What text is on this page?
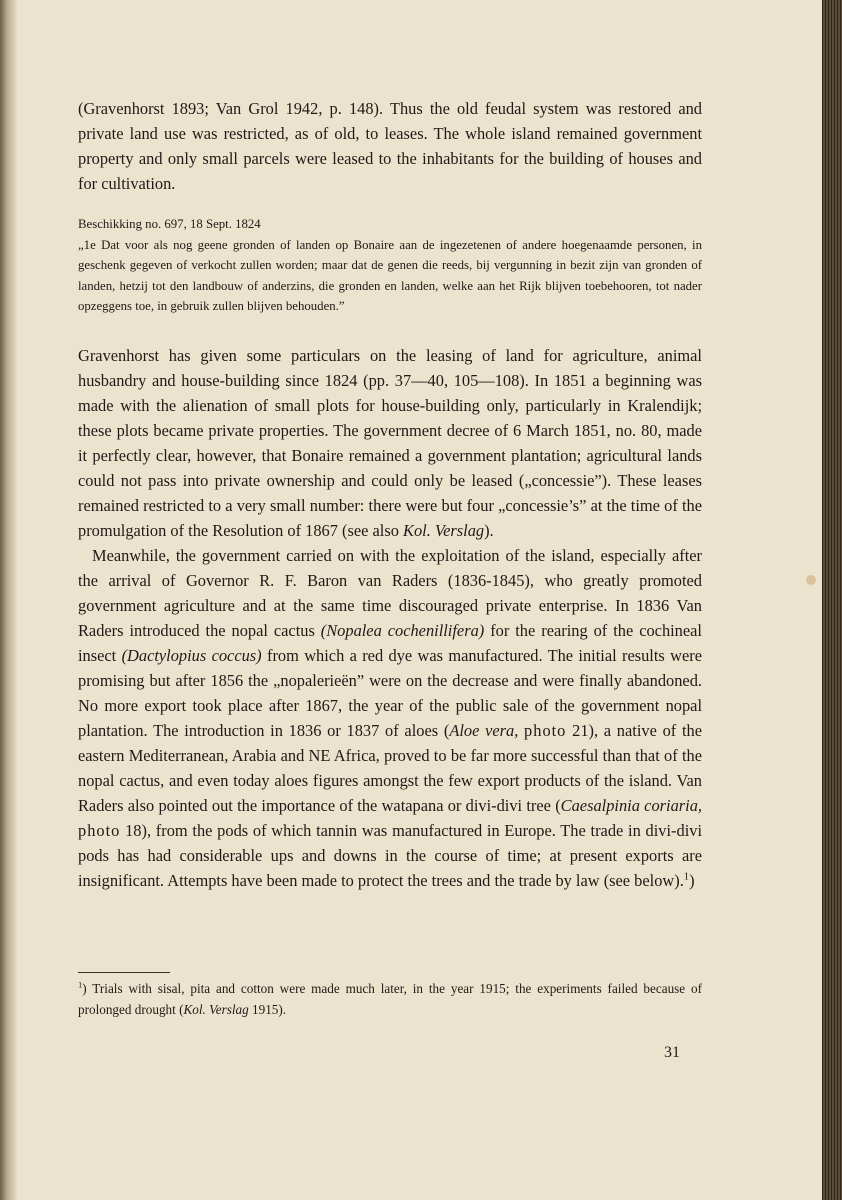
(Gravenhorst 1893; Van Grol 1942, p. 148). Thus the old feudal system was restored and private land use was restricted, as of old, to leases. The whole island remained government property and only small parcels were leased to the inhabitants for the building of houses and for cultivation.

Beschikking no. 697, 18 Sept. 1824

„1e Dat voor als nog geene gronden of landen op Bonaire aan de ingezetenen of andere hoegenaamde personen, in geschenk gegeven of verkocht zullen worden; maar dat de genen die reeds, bij vergunning in bezit zijn van gronden of landen, hetzij tot den landbouw of anderzins, die gronden en landen, welke aan het Rijk blijven toebehooren, tot nader opzeggens toe, in gebruik zullen blijven behouden.”

Gravenhorst has given some particulars on the leasing of land for agriculture, animal husbandry and house-building since 1824 (pp. 37—40, 105—108). In 1851 a beginning was made with the alienation of small plots for house-building only, particularly in Kralendijk; these plots became private properties. The government decree of 6 March 1851, no. 80, made it perfectly clear, however, that Bonaire remained a government plantation; agricultural lands could not pass into private ownership and could only be leased („concessie”). These leases remained restricted to a very small number: there were but four „concessie’s” at the time of the promulgation of the Resolution of 1867 (see also Kol. Verslag).

Meanwhile, the government carried on with the exploitation of the island, especially after the arrival of Governor R. F. Baron van Raders (1836-1845), who greatly promoted government agriculture and at the same time discouraged private enterprise. In 1836 Van Raders introduced the nopal cactus (Nopalea cochenillifera) for the rearing of the cochineal insect (Dactylopius coccus) from which a red dye was manufactured. The initial results were promising but after 1856 the „nopalerieën” were on the decrease and were finally abandoned. No more export took place after 1867, the year of the public sale of the government nopal plantation. The introduction in 1836 or 1837 of aloes (Aloe vera, photo 21), a native of the eastern Mediterranean, Arabia and NE Africa, proved to be far more successful than that of the nopal cactus, and even today aloes figures amongst the few export products of the island. Van Raders also pointed out the importance of the watapana or divi-divi tree (Caesalpinia coriaria, photo 18), from the pods of which tannin was manufactured in Europe. The trade in divi-divi pods has had considerable ups and downs in the course of time; at present exports are insignificant. Attempts have been made to protect the trees and the trade by law (see below).$^1$)

$^1$) Trials with sisal, pita and cotton were made much later, in the year 1915; the experiments failed because of prolonged drought (Kol. Verslag 1915).

31
